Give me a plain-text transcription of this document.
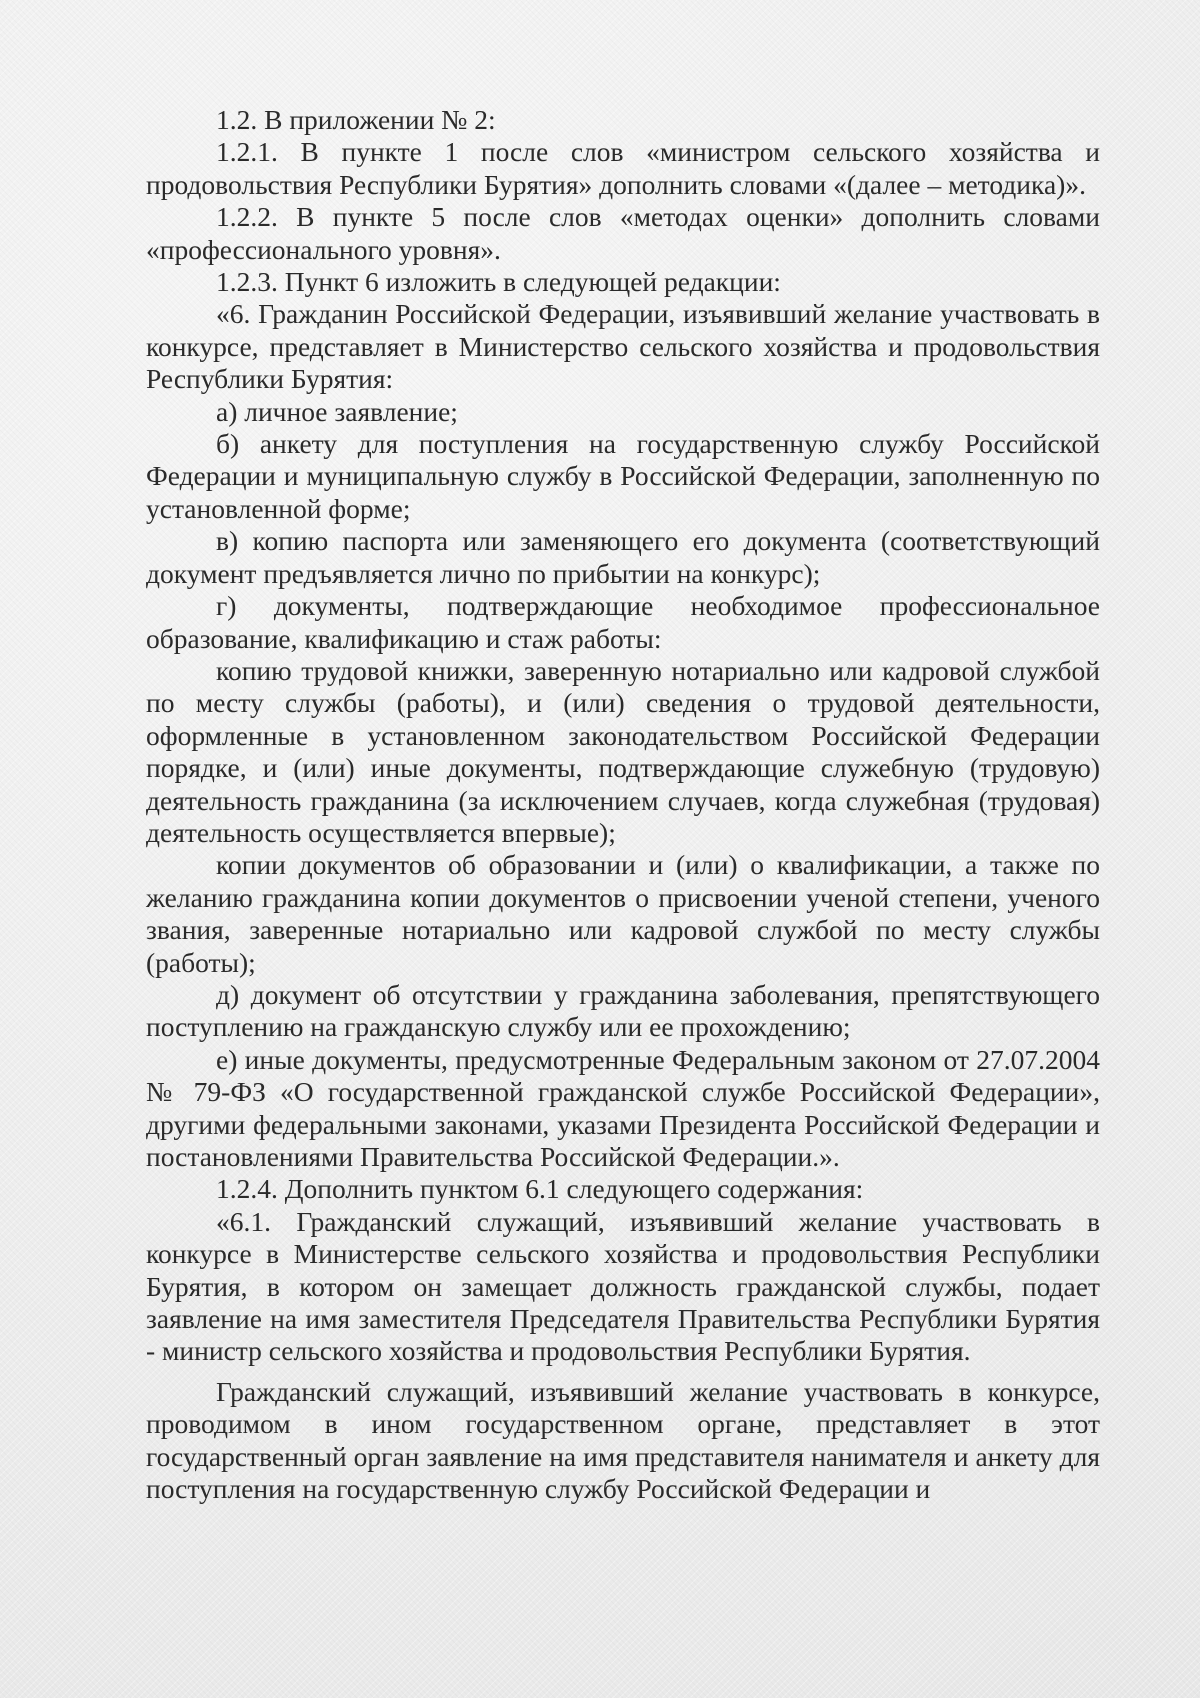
1.2. В приложении № 2:

1.2.1. В пункте 1 после слов «министром сельского хозяйства и продовольствия Республики Бурятия» дополнить словами «(далее – методика)».

1.2.2. В пункте 5 после слов «методах оценки» дополнить словами «профессионального уровня».

1.2.3. Пункт 6 изложить в следующей редакции:

«6. Гражданин Российской Федерации, изъявивший желание участвовать в конкурсе, представляет в Министерство сельского хозяйства и продовольствия Республики Бурятия:

а) личное заявление;

б) анкету для поступления на государственную службу Российской Федерации и муниципальную службу в Российской Федерации, заполненную по установленной форме;

в) копию паспорта или заменяющего его документа (соответствующий документ предъявляется лично по прибытии на конкурс);

г) документы, подтверждающие необходимое профессиональное образование, квалификацию и стаж работы:

копию трудовой книжки, заверенную нотариально или кадровой службой по месту службы (работы), и (или) сведения о трудовой деятельности, оформленные в установленном законодательством Российской Федерации порядке, и (или) иные документы, подтверждающие служебную (трудовую) деятельность гражданина (за исключением случаев, когда служебная (трудовая) деятельность осуществляется впервые);

копии документов об образовании и (или) о квалификации, а также по желанию гражданина копии документов о присвоении ученой степени, ученого звания, заверенные нотариально или кадровой службой по месту службы (работы);

д) документ об отсутствии у гражданина заболевания, препятствующего поступлению на гражданскую службу или ее прохождению;

е) иные документы, предусмотренные Федеральным законом от 27.07.2004 № 79-ФЗ «О государственной гражданской службе Российской Федерации», другими федеральными законами, указами Президента Российской Федерации и постановлениями Правительства Российской Федерации.».

1.2.4. Дополнить пунктом 6.1 следующего содержания:

«6.1. Гражданский служащий, изъявивший желание участвовать в конкурсе в Министерстве сельского хозяйства и продовольствия Республики Бурятия, в котором он замещает должность гражданской службы, подает заявление на имя заместителя Председателя Правительства Республики Бурятия - министр сельского хозяйства и продовольствия Республики Бурятия.

Гражданский служащий, изъявивший желание участвовать в конкурсе, проводимом в ином государственном органе, представляет в этот государственный орган заявление на имя представителя нанимателя и анкету для поступления на государственную службу Российской Федерации и
